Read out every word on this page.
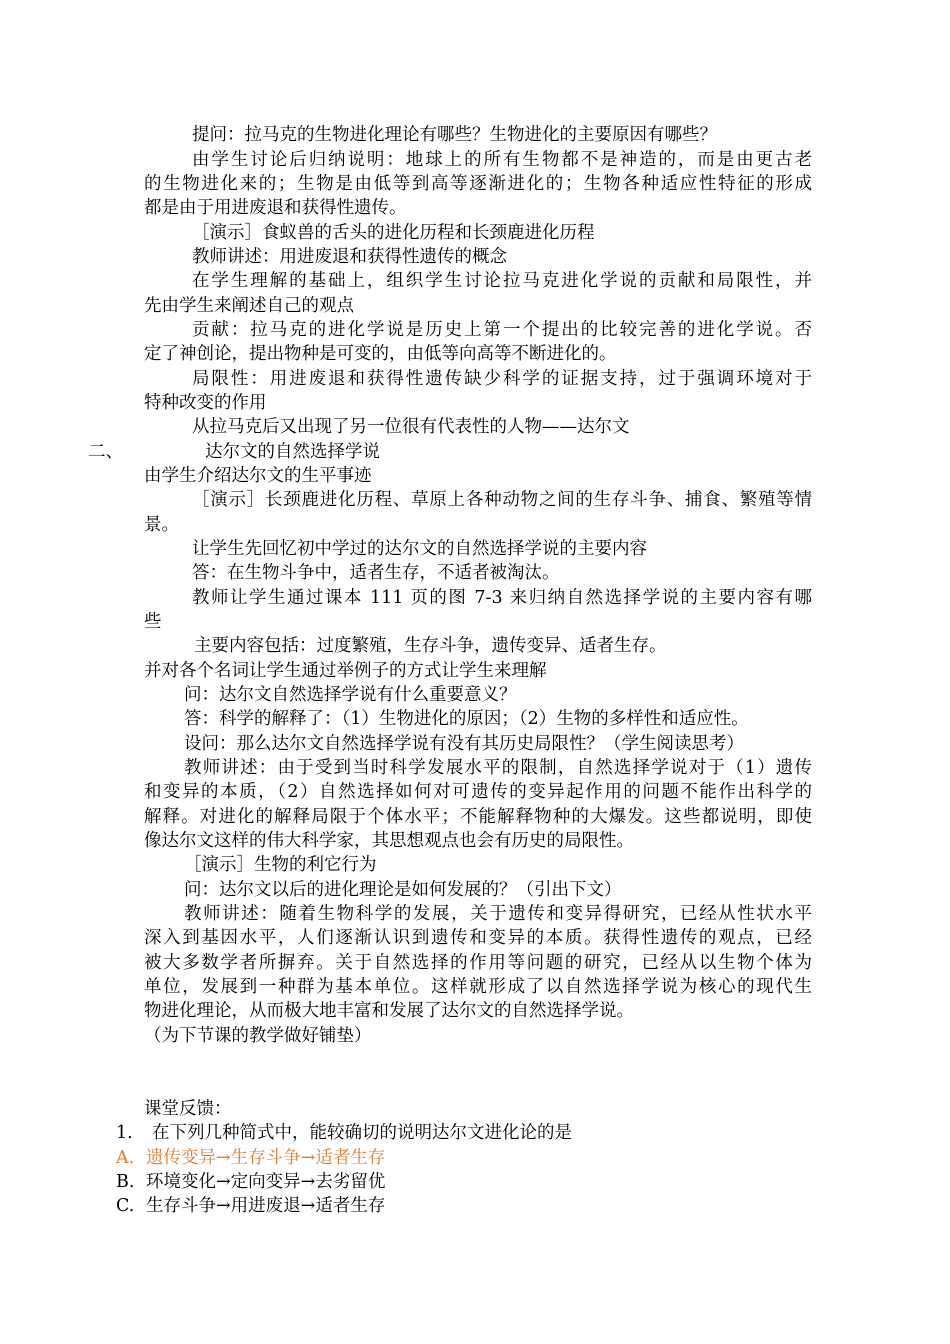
提问：拉马克的生物进化理论有哪些？生物进化的主要原因有哪些？
由学生讨论后归纳说明：地球上的所有生物都不是神造的，而是由更古老
的生物进化来的；生物是由低等到高等逐渐进化的；生物各种适应性特征的形成
都是由于用进废退和获得性遗传。
［演示］食蚁兽的舌头的进化历程和长颈鹿进化历程
教师讲述：用进废退和获得性遗传的概念
在学生理解的基础上，组织学生讨论拉马克进化学说的贡献和局限性，并
先由学生来阐述自己的观点
贡献：拉马克的进化学说是历史上第一个提出的比较完善的进化学说。否
定了神创论，提出物种是可变的，由低等向高等不断进化的。
局限性：用进废退和获得性遗传缺少科学的证据支持，过于强调环境对于
特种改变的作用
从拉马克后又出现了另一位很有代表性的人物——达尔文
二、	达尔文的自然选择学说
由学生介绍达尔文的生平事迹
［演示］长颈鹿进化历程、草原上各种动物之间的生存斗争、捕食、繁殖等情
景。
让学生先回忆初中学过的达尔文的自然选择学说的主要内容
答：在生物斗争中，适者生存，不适者被淘汰。
教师让学生通过课本 111 页的图 7-3 来归纳自然选择学说的主要内容有哪
些
主要内容包括：过度繁殖，生存斗争，遗传变异、适者生存。
并对各个名词让学生通过举例子的方式让学生来理解
问：达尔文自然选择学说有什么重要意义？
答：科学的解释了：（1）生物进化的原因；（2）生物的多样性和适应性。
设问：那么达尔文自然选择学说有没有其历史局限性？（学生阅读思考）
教师讲述：由于受到当时科学发展水平的限制，自然选择学说对于（1）遗传
和变异的本质，（2）自然选择如何对可遗传的变异起作用的问题不能作出科学的
解释。对进化的解释局限于个体水平；不能解释物种的大爆发。这些都说明，即使
像达尔文这样的伟大科学家，其思想观点也会有历史的局限性。
［演示］生物的利它行为
问：达尔文以后的进化理论是如何发展的？（引出下文）
教师讲述：随着生物科学的发展，关于遗传和变异得研究，已经从性状水平
深入到基因水平，人们逐渐认识到遗传和变异的本质。获得性遗传的观点，已经
被大多数学者所摒弃。关于自然选择的作用等问题的研究，已经从以生物个体为
单位，发展到一种群为基本单位。这样就形成了以自然选择学说为核心的现代生
物进化理论，从而极大地丰富和发展了达尔文的自然选择学说。
（为下节课的教学做好铺垫）
课堂反馈：
1. 在下列几种简式中，能较确切的说明达尔文进化论的是
A. 遗传变异→生存斗争→适者生存
B. 环境变化→定向变异→去劣留优
C. 生存斗争→用进废退→适者生存
